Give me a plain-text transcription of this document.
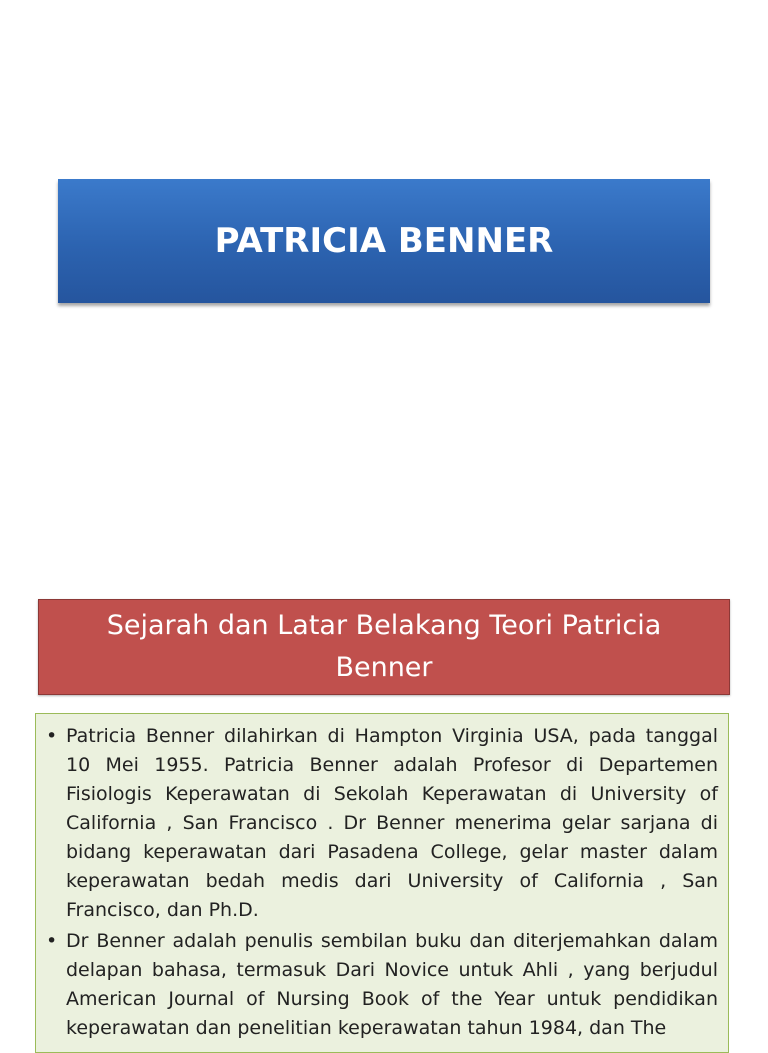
PATRICIA BENNER
Sejarah dan Latar Belakang Teori Patricia Benner
• Patricia Benner dilahirkan di Hampton Virginia USA, pada tanggal 10 Mei 1955. Patricia Benner adalah Profesor di Departemen Fisiologis Keperawatan di Sekolah Keperawatan di University of California , San Francisco . Dr Benner menerima gelar sarjana di bidang keperawatan dari Pasadena College, gelar master dalam keperawatan bedah medis dari University of California , San Francisco, dan Ph.D.
• Dr Benner adalah penulis sembilan buku dan diterjemahkan dalam delapan bahasa, termasuk Dari Novice untuk Ahli , yang berjudul American Journal of Nursing Book of the Year untuk pendidikan keperawatan dan penelitian keperawatan tahun 1984, dan The
